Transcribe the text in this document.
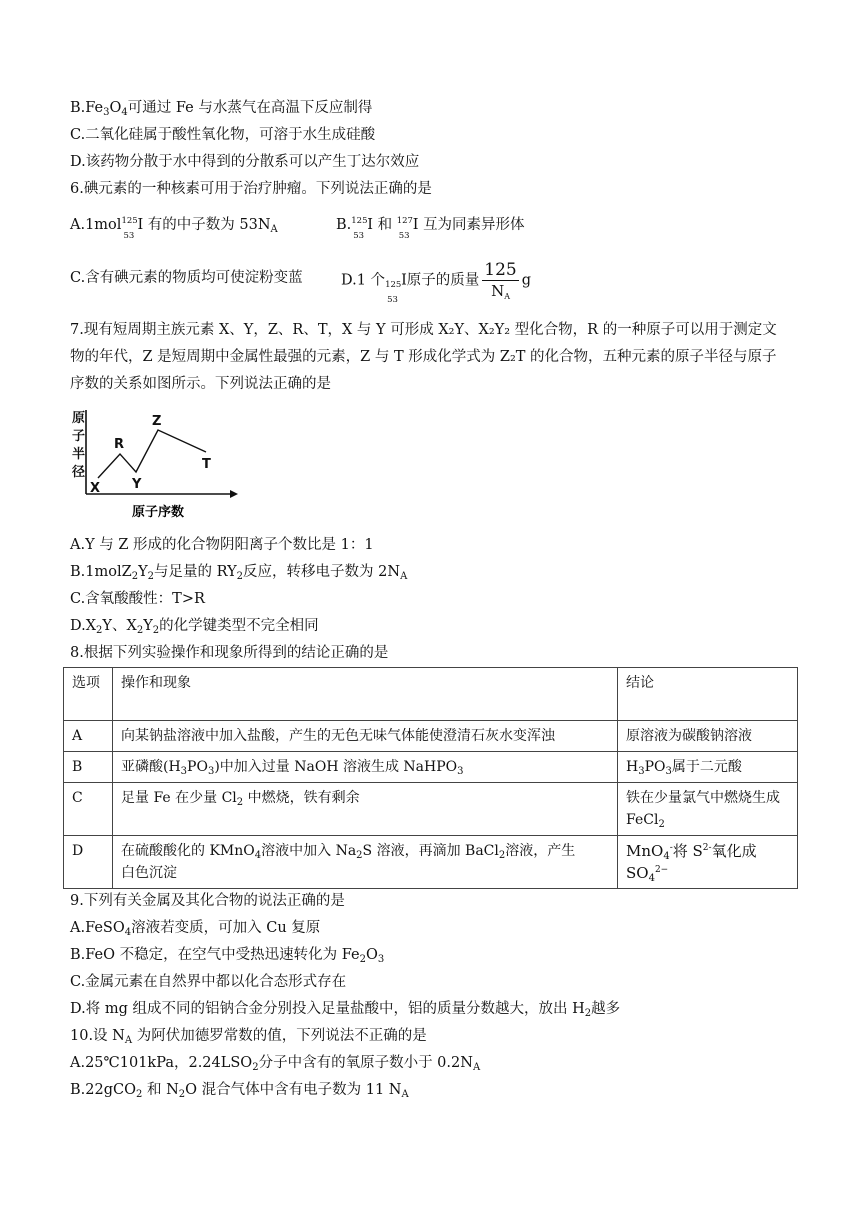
$B.Fe_3O_4$可通过 Fe 与水蒸气在高温下反应制得
C.二氧化硅属于酸性氧化物，可溶于水生成硅酸
D.该药物分散于水中得到的分散系可以产生丁达尔效应
6.碘元素的一种核素可用于治疗肿瘤。下列说法正确的是
A.1mol 125
53
I 有的中子数为 $53N_A$	B. 125
53
I 和 127
53
I 互为同素异形体
C.含有碘元素的物质均可使淀粉变蓝	D.1 个 125
53
I原子的质量 $\frac{125}{N_A}$ g
7.现有短周期主族元素 X、Y，Z、R、T，X 与 Y 可形成 X₂Y、X₂Y₂ 型化合物，R 的一种原子可以用于测定文
物的年代，Z 是短周期中金属性最强的元素，Z 与 T 形成化学式为 Z₂T 的化合物，五种元素的原子半径与原子
序数的关系如图所示。下列说法正确的是
原
子
半
径
X
R
Y
Z
T
原子序数
A.Y 与 Z 形成的化合物阴阳离子个数比是 1：1
$B.1molZ_2Y_2$与足量的 $RY_2$反应，转移电子数为 $2N_A$
C.含氧酸酸性：T>R
$D.X_2Y$、$X_2Y_2$的化学键类型不完全相同
8.根据下列实验操作和现象所得到的结论正确的是
选项	操作和现象	结论
A	向某钠盐溶液中加入盐酸，产生的无色无味气体能使澄清石灰水变浑浊	原溶液为碳酸钠溶液
B	亚磷酸$(H_3PO_3)$中加入过量 NaOH 溶液生成 NaHPO$_3$	$H_3PO_3$属于二元酸
C	足量 Fe 在少量 $Cl_2$ 中燃烧，铁有剩余	铁在少量氯气中燃烧生成
FeCl$_2$
D	在硫酸酸化的 KMnO$_4$溶液中加入 $Na_2S$ 溶液，再滴加 BaCl$_2$溶液，产生
白色沉淀	MnO$_4$-将 $S^{2-}$氧化成 $SO_4^{2-}$
9.下列有关金属及其化合物的说法正确的是
A.FeSO$_4$溶液若变质，可加入 Cu 复原
B.FeO 不稳定，在空气中受热迅速转化为 $Fe_2O_3$
C.金属元素在自然界中都以化合态形式存在
D.将 mg 组成不同的铝钠合金分别投入足量盐酸中，铝的质量分数越大，放出 $H_2$越多
10.设 $N_A$ 为阿伏加德罗常数的值，下列说法不正确的是
A.25℃101kPa，$2.24LSO_2$分子中含有的氧原子数小于 $0.2N_A$
B.22gCO$_2$ 和 $N_2O$ 混合气体中含有电子数为 11 $N_A$
